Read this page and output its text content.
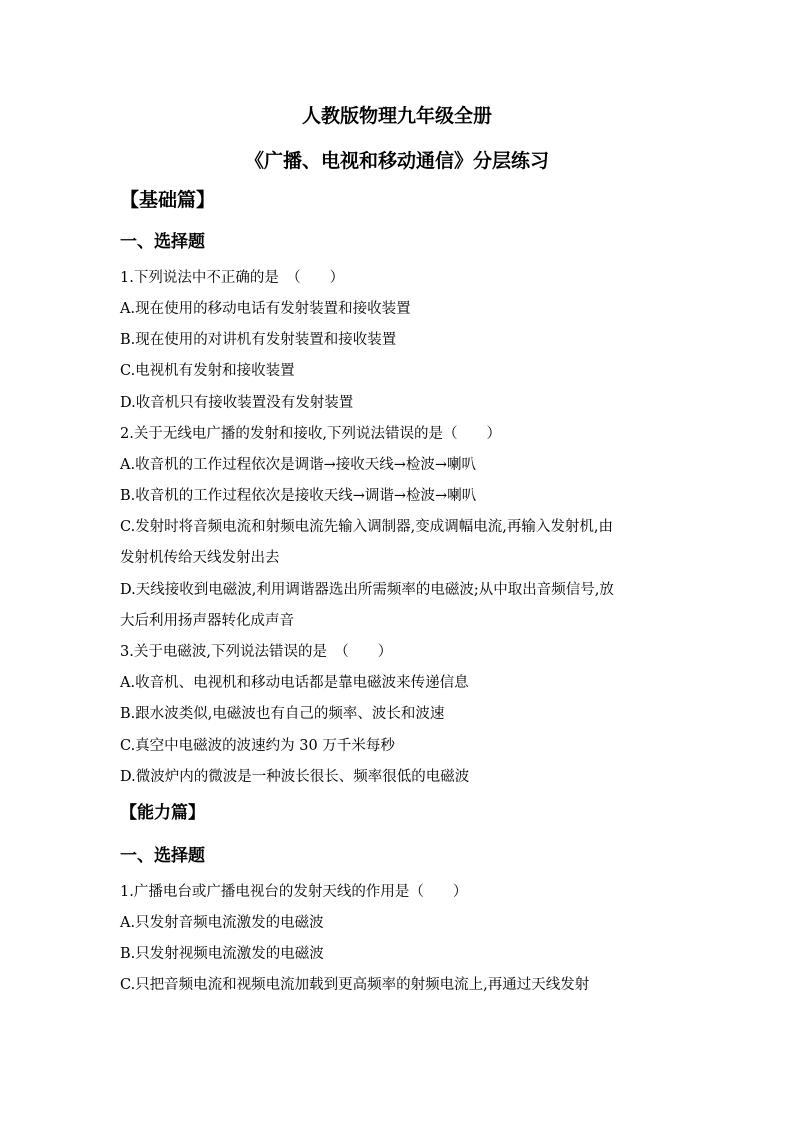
人教版物理九年级全册
《广播、电视和移动通信》分层练习
【基础篇】
一、选择题
1.下列说法中不正确的是　（　　）
A.现在使用的移动电话有发射装置和接收装置
B.现在使用的对讲机有发射装置和接收装置
C.电视机有发射和接收装置
D.收音机只有接收装置没有发射装置
2.关于无线电广播的发射和接收,下列说法错误的是（　　）
A.收音机的工作过程依次是调谐→接收天线→检波→喇叭
B.收音机的工作过程依次是接收天线→调谐→检波→喇叭
C.发射时将音频电流和射频电流先输入调制器,变成调幅电流,再输入发射机,由
发射机传给天线发射出去
D.天线接收到电磁波,利用调谐器选出所需频率的电磁波;从中取出音频信号,放
大后利用扬声器转化成声音
3.关于电磁波,下列说法错误的是　（　　）
A.收音机、电视机和移动电话都是靠电磁波来传递信息
B.跟水波类似,电磁波也有自己的频率、波长和波速
C.真空中电磁波的波速约为 30 万千米每秒
D.微波炉内的微波是一种波长很长、频率很低的电磁波
【能力篇】
一、选择题
1.广播电台或广播电视台的发射天线的作用是（　　）
A.只发射音频电流激发的电磁波
B.只发射视频电流激发的电磁波
C.只把音频电流和视频电流加载到更高频率的射频电流上,再通过天线发射
